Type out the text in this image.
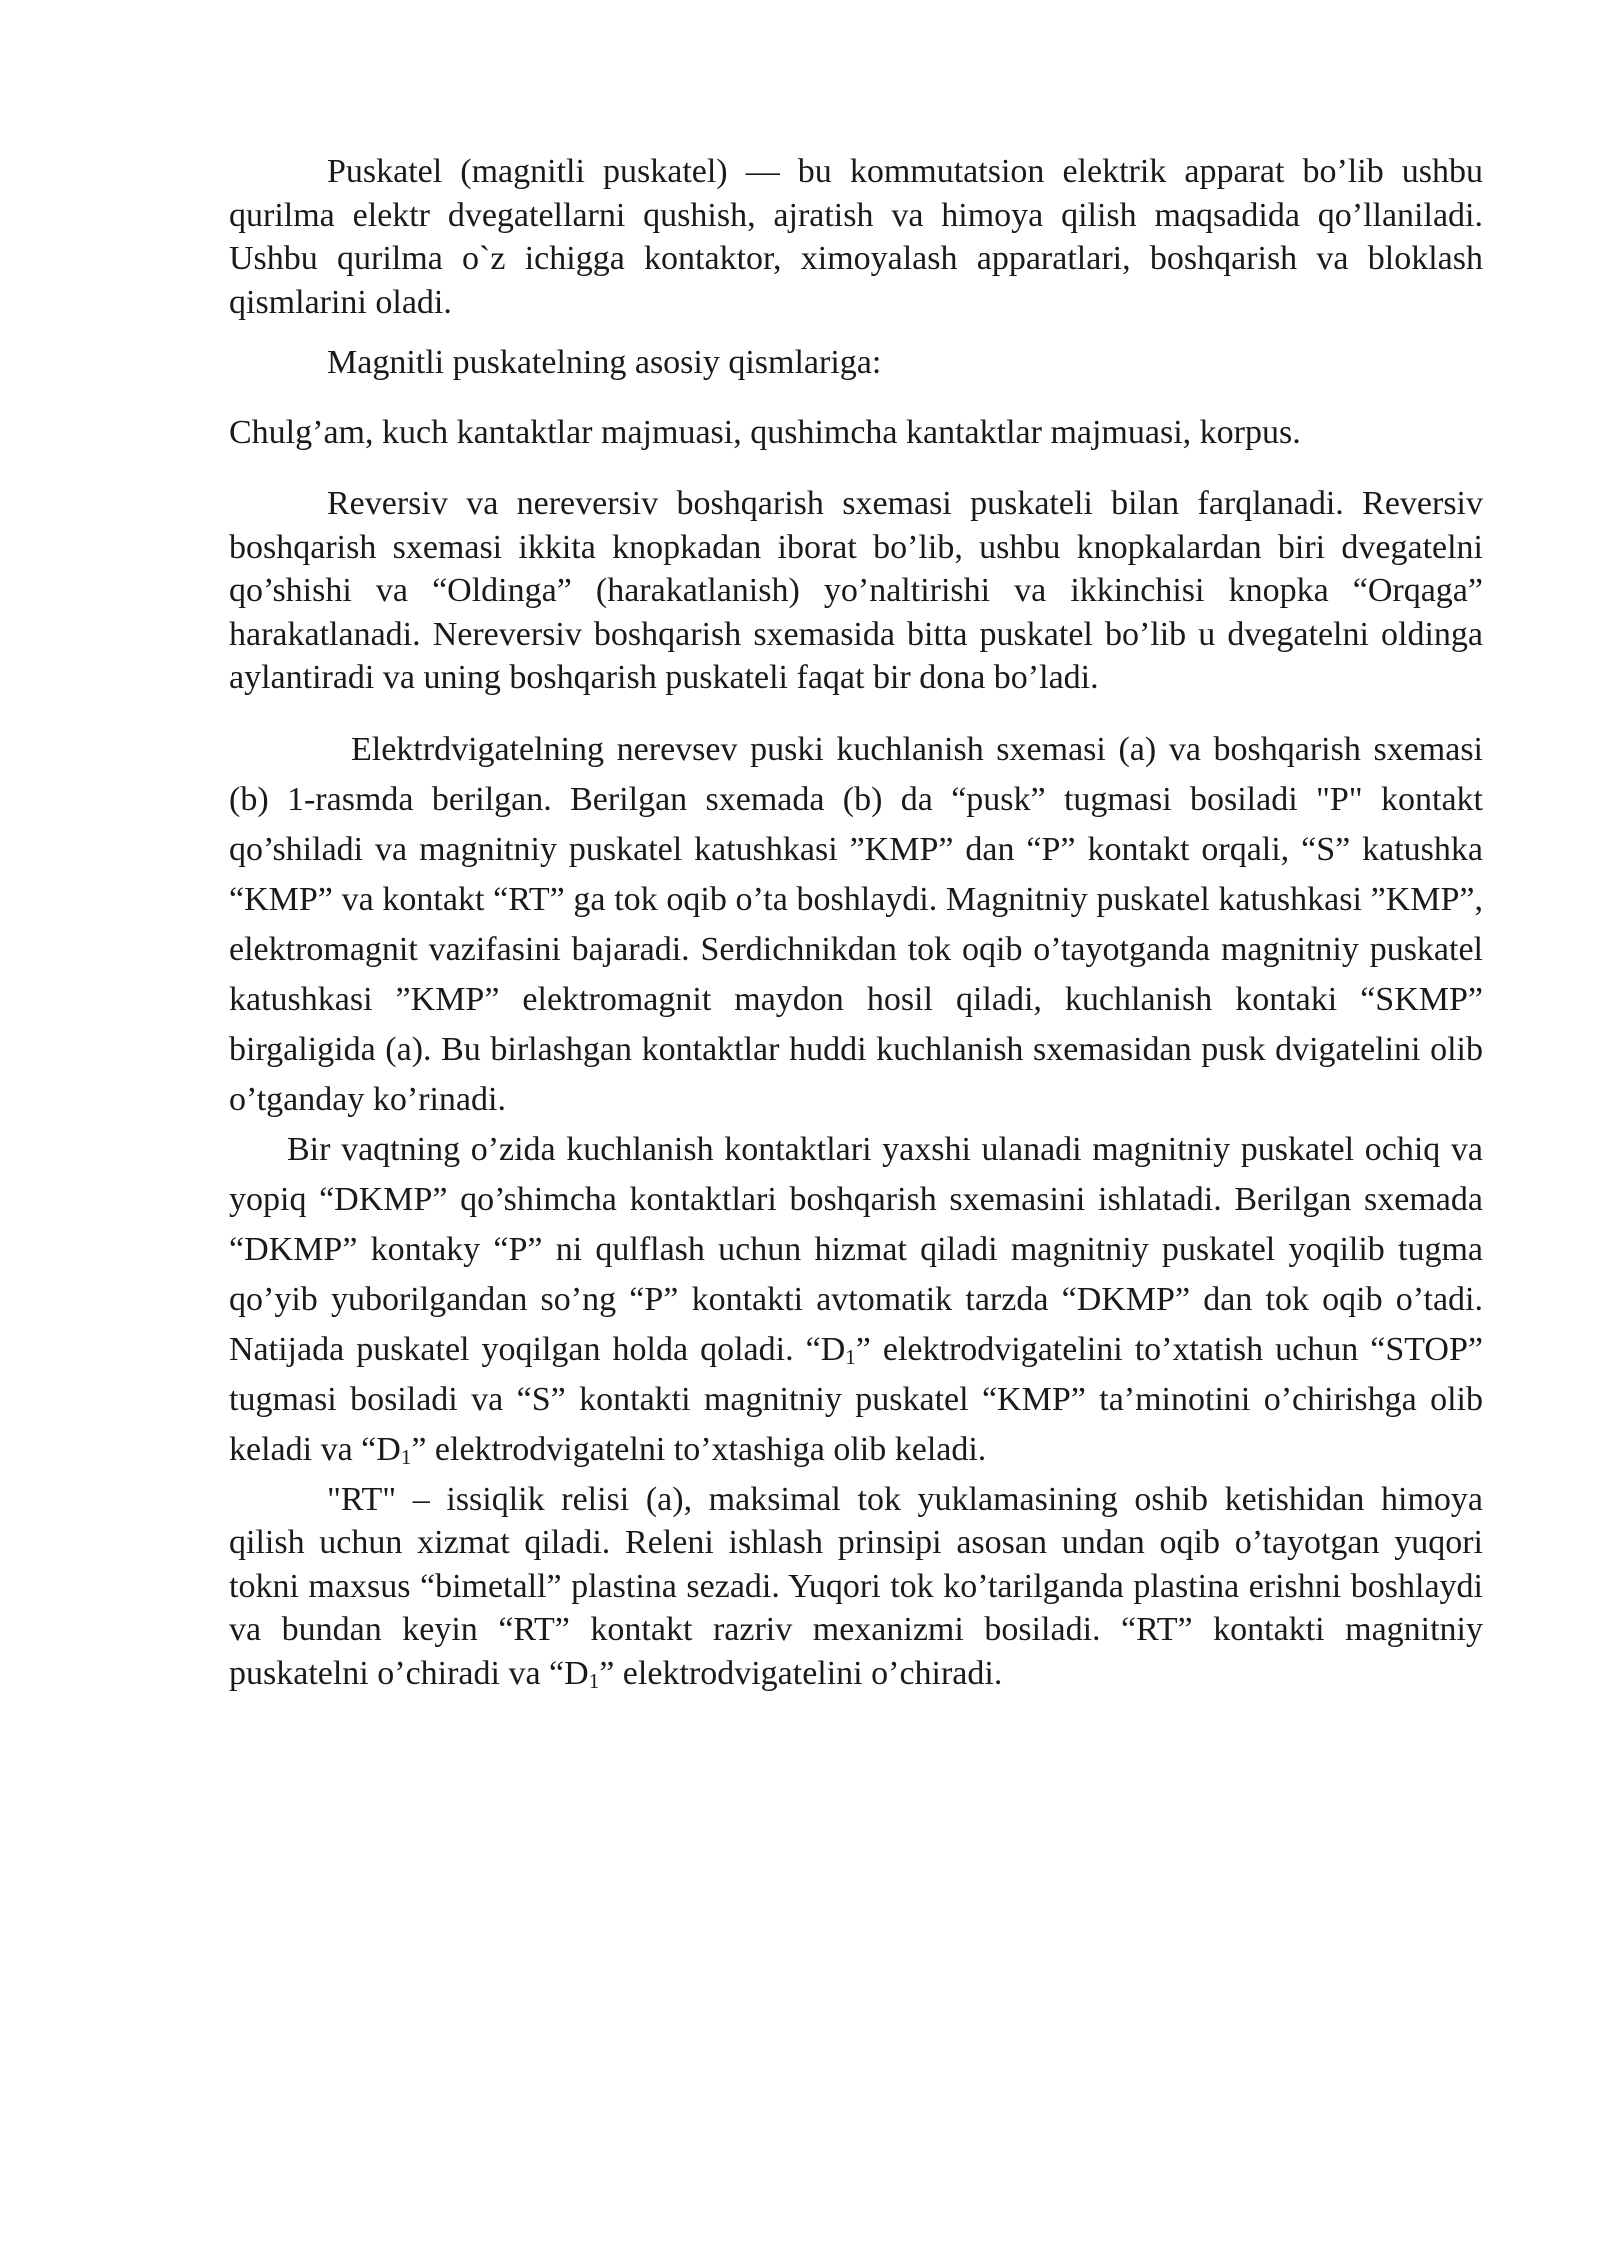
Puskatel (magnitli puskatel) — bu kommutatsion elektrik apparat bo’lib ushbu qurilma elektr dvegatellarni qushish, ajratish va himoya qilish maqsadida qo’llaniladi. Ushbu qurilma o`z ichigga kontaktor, ximoyalash apparatlari, boshqarish va bloklash qismlarini oladi.

Magnitli puskatelning asosiy qismlariga:

Chulg’am, kuch kantaktlar majmuasi, qushimcha kantaktlar majmuasi, korpus.

Reversiv va nereversiv boshqarish sxemasi puskateli bilan farqlanadi. Reversiv boshqarish sxemasi ikkita knopkadan iborat bo’lib, ushbu knopkalardan biri dvegatelni qo’shishi va “Oldinga” (harakatlanish) yo’naltirishi va ikkinchisi knopka “Orqaga” harakatlanadi. Nereversiv boshqarish sxemasida bitta puskatel bo’lib u dvegatelni oldinga aylantiradi va uning boshqarish puskateli faqat bir dona bo’ladi.

Elektrdvigatelning nerevsev puski kuchlanish sxemasi (a) va boshqarish sxemasi (b) 1-rasmda berilgan. Berilgan sxemada (b) da “pusk” tugmasi bosiladi "P" kontakt qo’shiladi va magnitniy puskatel katushkasi ”KMP” dan “P” kontakt orqali, “S” katushka “KMP” va kontakt “RT” ga tok oqib o’ta boshlaydi. Magnitniy puskatel katushkasi ”KMP”, elektromagnit vazifasini bajaradi. Serdichnikdan tok oqib o’tayotganda magnitniy puskatel katushkasi ”KMP” elektromagnit maydon hosil qiladi, kuchlanish kontaki “SKMP” birgaligida (a). Bu birlashgan kontaktlar huddi kuchlanish sxemasidan pusk dvigatelini olib o’tganday ko’rinadi.

Bir vaqtning o’zida kuchlanish kontaktlari yaxshi ulanadi magnitniy puskatel ochiq va yopiq “DKMP” qo’shimcha kontaktlari boshqarish sxemasini ishlatadi. Berilgan sxemada “DKMP” kontaky “P” ni qulflash uchun hizmat qiladi magnitniy puskatel yoqilib tugma qo’yib yuborilgandan so’ng “P” kontakti avtomatik tarzda “DKMP” dan tok oqib o’tadi. Natijada puskatel yoqilgan holda qoladi. “$D_1$” elektrodvigatelini to’xtatish uchun “STOP” tugmasi bosiladi va “S” kontakti magnitniy puskatel “KMP” ta’minotini o’chirishga olib keladi va “$D_1$” elektrodvigatelni to’xtashiga olib keladi.

"RT" – issiqlik relisi (a), maksimal tok yuklamasining oshib ketishidan himoya qilish uchun xizmat qiladi. Releni ishlash prinsipi asosan undan oqib o’tayotgan yuqori tokni maxsus “bimetall” plastina sezadi. Yuqori tok ko’tarilganda plastina erishni boshlaydi va bundan keyin “RT” kontakt razriv mexanizmi bosiladi. “RT” kontakti magnitniy puskatelni o’chiradi va “$D_1$” elektrodvigatelini o’chiradi.
